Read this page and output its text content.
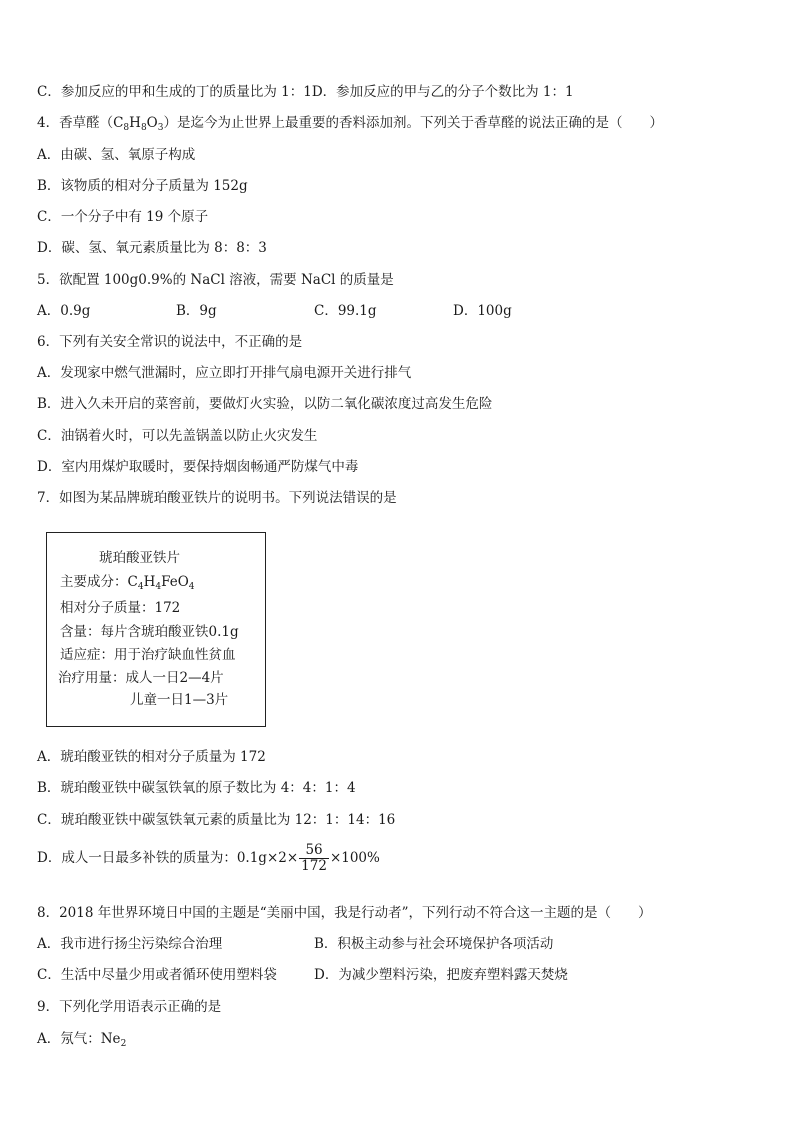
C．参加反应的甲和生成的丁的质量比为 1：1D．参加反应的甲与乙的分子个数比为 1：1
4．香草醛$(C_8H_8O_3)$是迄今为止世界上最重要的香料添加剂。下列关于香草醛的说法正确的是（　　）
A．由碳、氢、氧原子构成
B．该物质的相对分子质量为 152g
C．一个分子中有 19 个原子
D．碳、氢、氧元素质量比为 8：8：3
5．欲配置 100g0.9%的 NaCl 溶液，需要 NaCl 的质量是
A．0.9g	B．9g	C．99.1g	D．100g
6．下列有关安全常识的说法中，不正确的是
A．发现家中燃气泄漏时，应立即打开排气扇电源开关进行排气
B．进入久未开启的菜窖前，要做灯火实验，以防二氧化碳浓度过高发生危险
C．油锅着火时，可以先盖锅盖以防止火灾发生
D．室内用煤炉取暖时，要保持烟囱畅通严防煤气中毒
7．如图为某品牌琥珀酸亚铁片的说明书。下列说法错误的是
琥珀酸亚铁片
主要成分：$C_4H_4FeO_4$
相对分子质量：172
含量：每片含琥珀酸亚铁0.1g
适应症：用于治疗缺血性贫血
治疗用量：成人一日2—4片
儿童一日1—3片
A．琥珀酸亚铁的相对分子质量为 172
B．琥珀酸亚铁中碳氢铁氧的原子数比为 4：4：1：4
C．琥珀酸亚铁中碳氢铁氧元素的质量比为 12：1：14：16
D．成人一日最多补铁的质量为：$0.1g\times 2\times \frac{56}{172} \times 100\%$
8．2018 年世界环境日中国的主题是“美丽中国，我是行动者”，下列行动不符合这一主题的是（　　）
A．我市进行扬尘污染综合治理	B．积极主动参与社会环境保护各项活动
C．生活中尽量少用或者循环使用塑料袋	D．为减少塑料污染，把废弃塑料露天焚烧
9．下列化学用语表示正确的是
A．氖气：$Ne_2$
